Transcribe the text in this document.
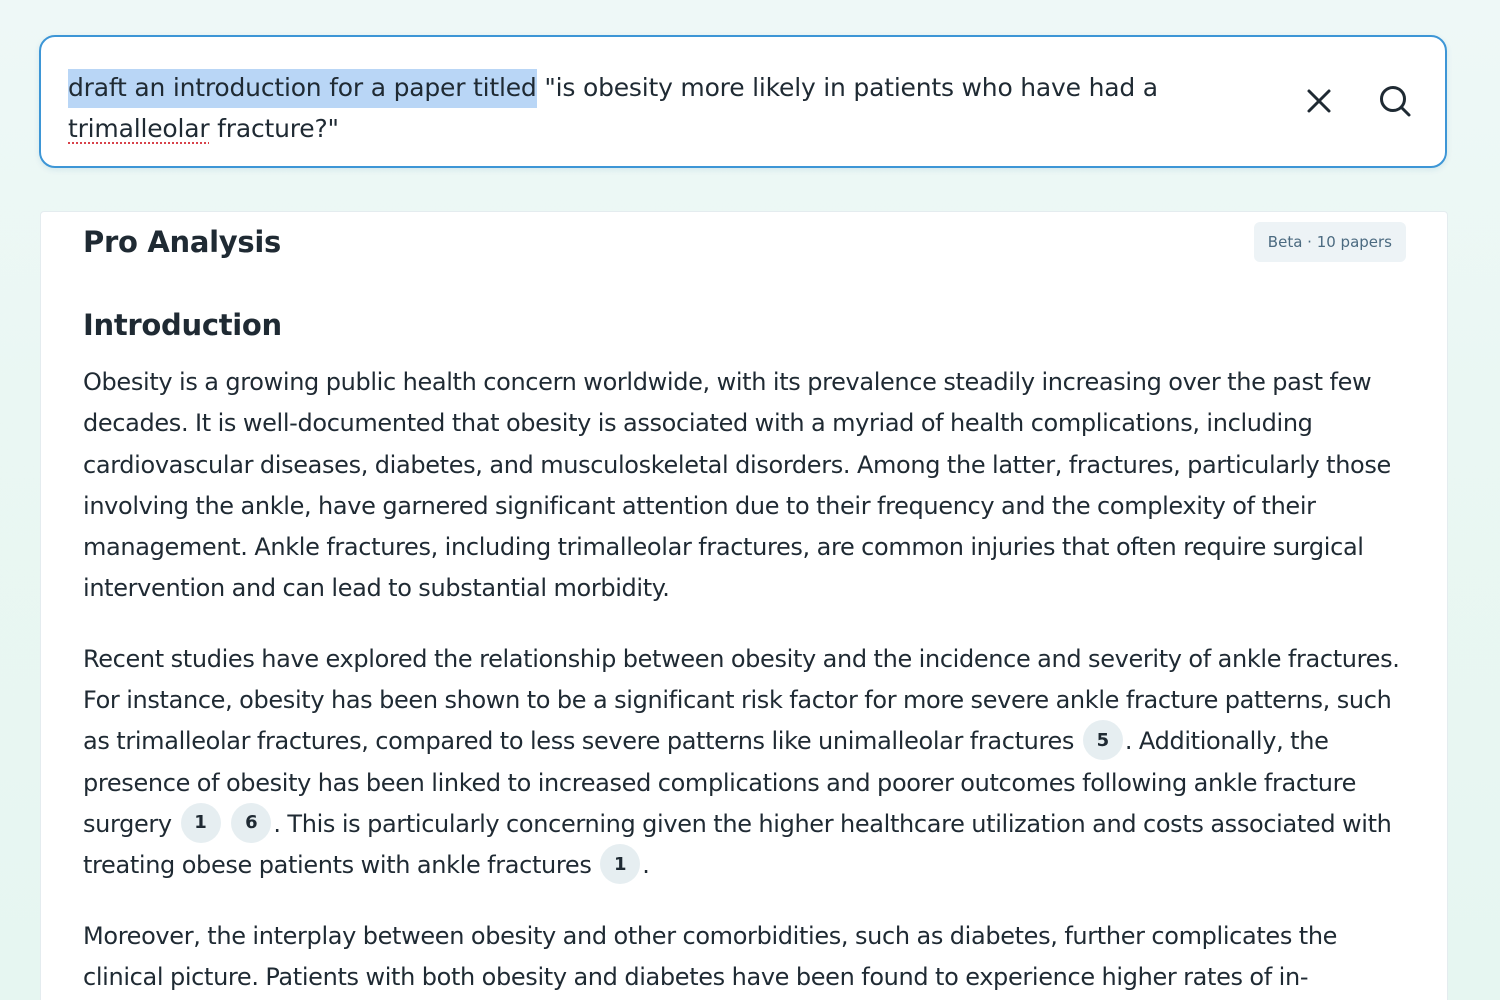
draft an introduction for a paper titled "is obesity more likely in patients who have had a trimalleolar fracture?"
Pro Analysis	Beta · 10 papers
Introduction

Obesity is a growing public health concern worldwide, with its prevalence steadily increasing over the past few decades. It is well-documented that obesity is associated with a myriad of health complications, including cardiovascular diseases, diabetes, and musculoskeletal disorders. Among the latter, fractures, particularly those involving the ankle, have garnered significant attention due to their frequency and the complexity of their management. Ankle fractures, including trimalleolar fractures, are common injuries that often require surgical intervention and can lead to substantial morbidity.

Recent studies have explored the relationship between obesity and the incidence and severity of ankle fractures. For instance, obesity has been shown to be a significant risk factor for more severe ankle fracture patterns, such as trimalleolar fractures, compared to less severe patterns like unimalleolar fractures 5 . Additionally, the presence of obesity has been linked to increased complications and poorer outcomes following ankle fracture surgery 1 6 . This is particularly concerning given the higher healthcare utilization and costs associated with treating obese patients with ankle fractures 1 .

Moreover, the interplay between obesity and other comorbidities, such as diabetes, further complicates the clinical picture. Patients with both obesity and diabetes have been found to experience higher rates of in-
